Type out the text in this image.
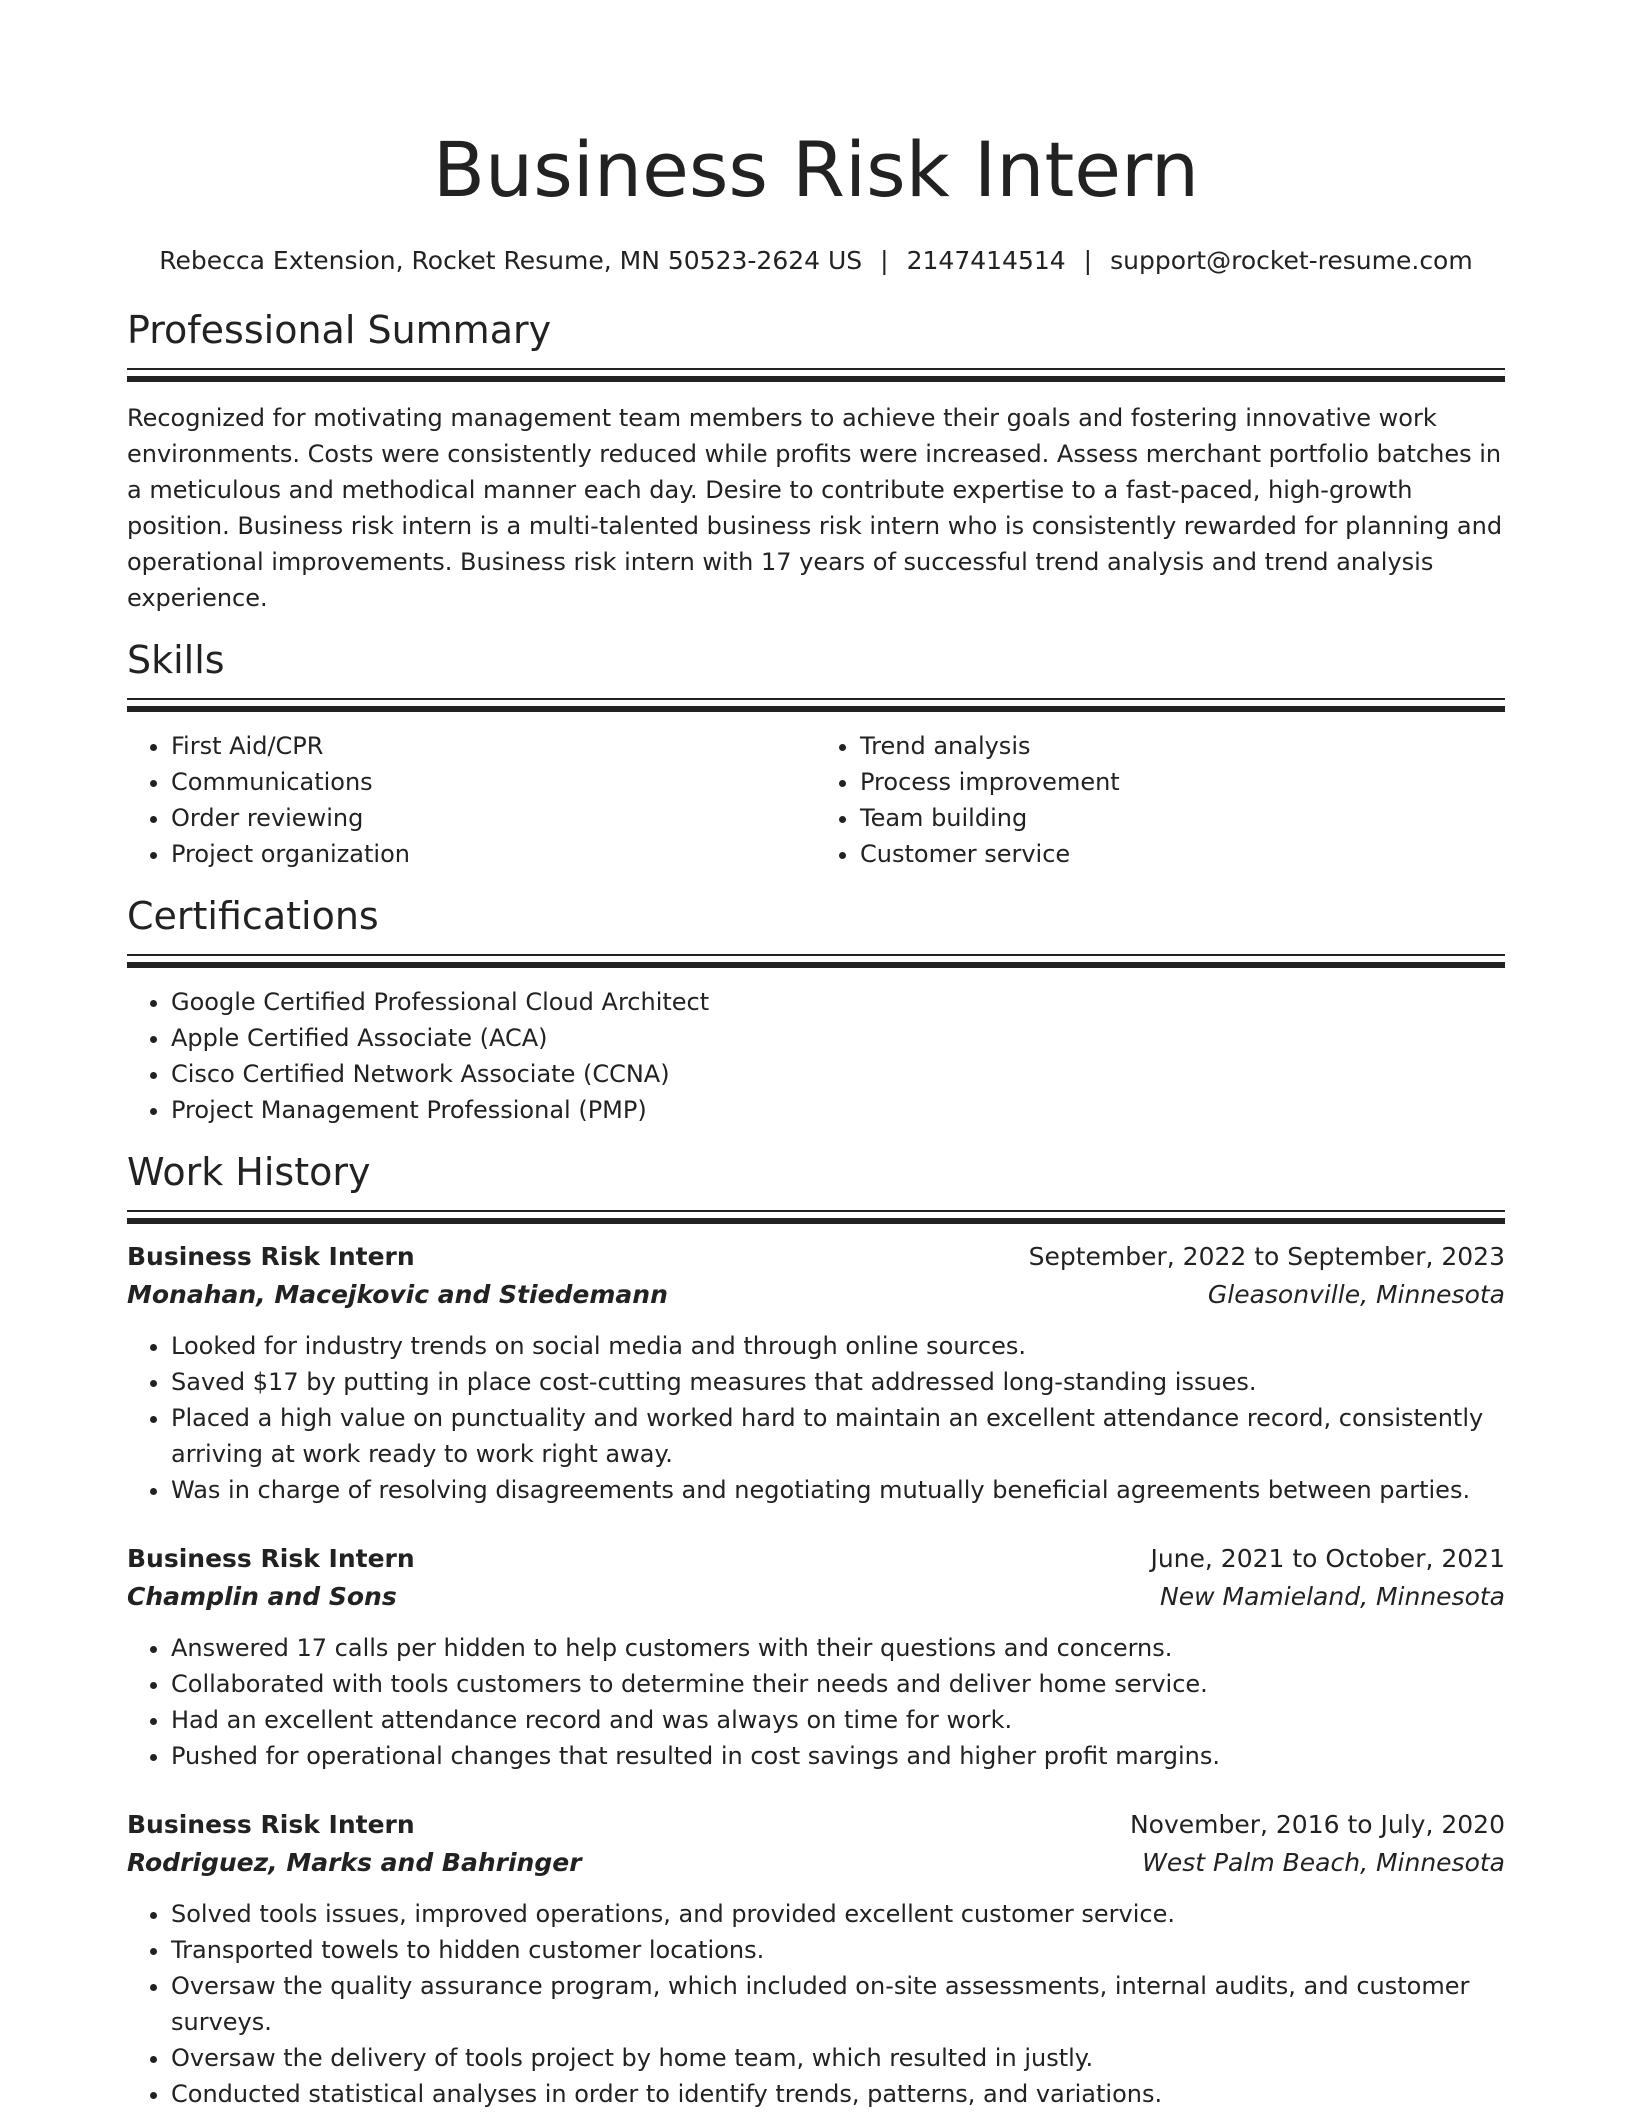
Business Risk Intern
Rebecca Extension, Rocket Resume, MN 50523-2624 US | 2147414514 | support@rocket-resume.com
Professional Summary
Recognized for motivating management team members to achieve their goals and fostering innovative work environments. Costs were consistently reduced while profits were increased. Assess merchant portfolio batches in a meticulous and methodical manner each day. Desire to contribute expertise to a fast-paced, high-growth position. Business risk intern is a multi-talented business risk intern who is consistently rewarded for planning and operational improvements. Business risk intern with 17 years of successful trend analysis and trend analysis experience.
Skills
• First Aid/CPR
• Communications
• Order reviewing
• Project organization
• Trend analysis
• Process improvement
• Team building
• Customer service
Certifications
• Google Certified Professional Cloud Architect
• Apple Certified Associate (ACA)
• Cisco Certified Network Associate (CCNA)
• Project Management Professional (PMP)
Work History
Business Risk Intern	September, 2022 to September, 2023
Monahan, Macejkovic and Stiedemann	Gleasonville, Minnesota
• Looked for industry trends on social media and through online sources.
• Saved $17 by putting in place cost-cutting measures that addressed long-standing issues.
• Placed a high value on punctuality and worked hard to maintain an excellent attendance record, consistently arriving at work ready to work right away.
• Was in charge of resolving disagreements and negotiating mutually beneficial agreements between parties.
Business Risk Intern	June, 2021 to October, 2021
Champlin and Sons	New Mamieland, Minnesota
• Answered 17 calls per hidden to help customers with their questions and concerns.
• Collaborated with tools customers to determine their needs and deliver home service.
• Had an excellent attendance record and was always on time for work.
• Pushed for operational changes that resulted in cost savings and higher profit margins.
Business Risk Intern	November, 2016 to July, 2020
Rodriguez, Marks and Bahringer	West Palm Beach, Minnesota
• Solved tools issues, improved operations, and provided excellent customer service.
• Transported towels to hidden customer locations.
• Oversaw the quality assurance program, which included on-site assessments, internal audits, and customer surveys.
• Oversaw the delivery of tools project by home team, which resulted in justly.
• Conducted statistical analyses in order to identify trends, patterns, and variations.
